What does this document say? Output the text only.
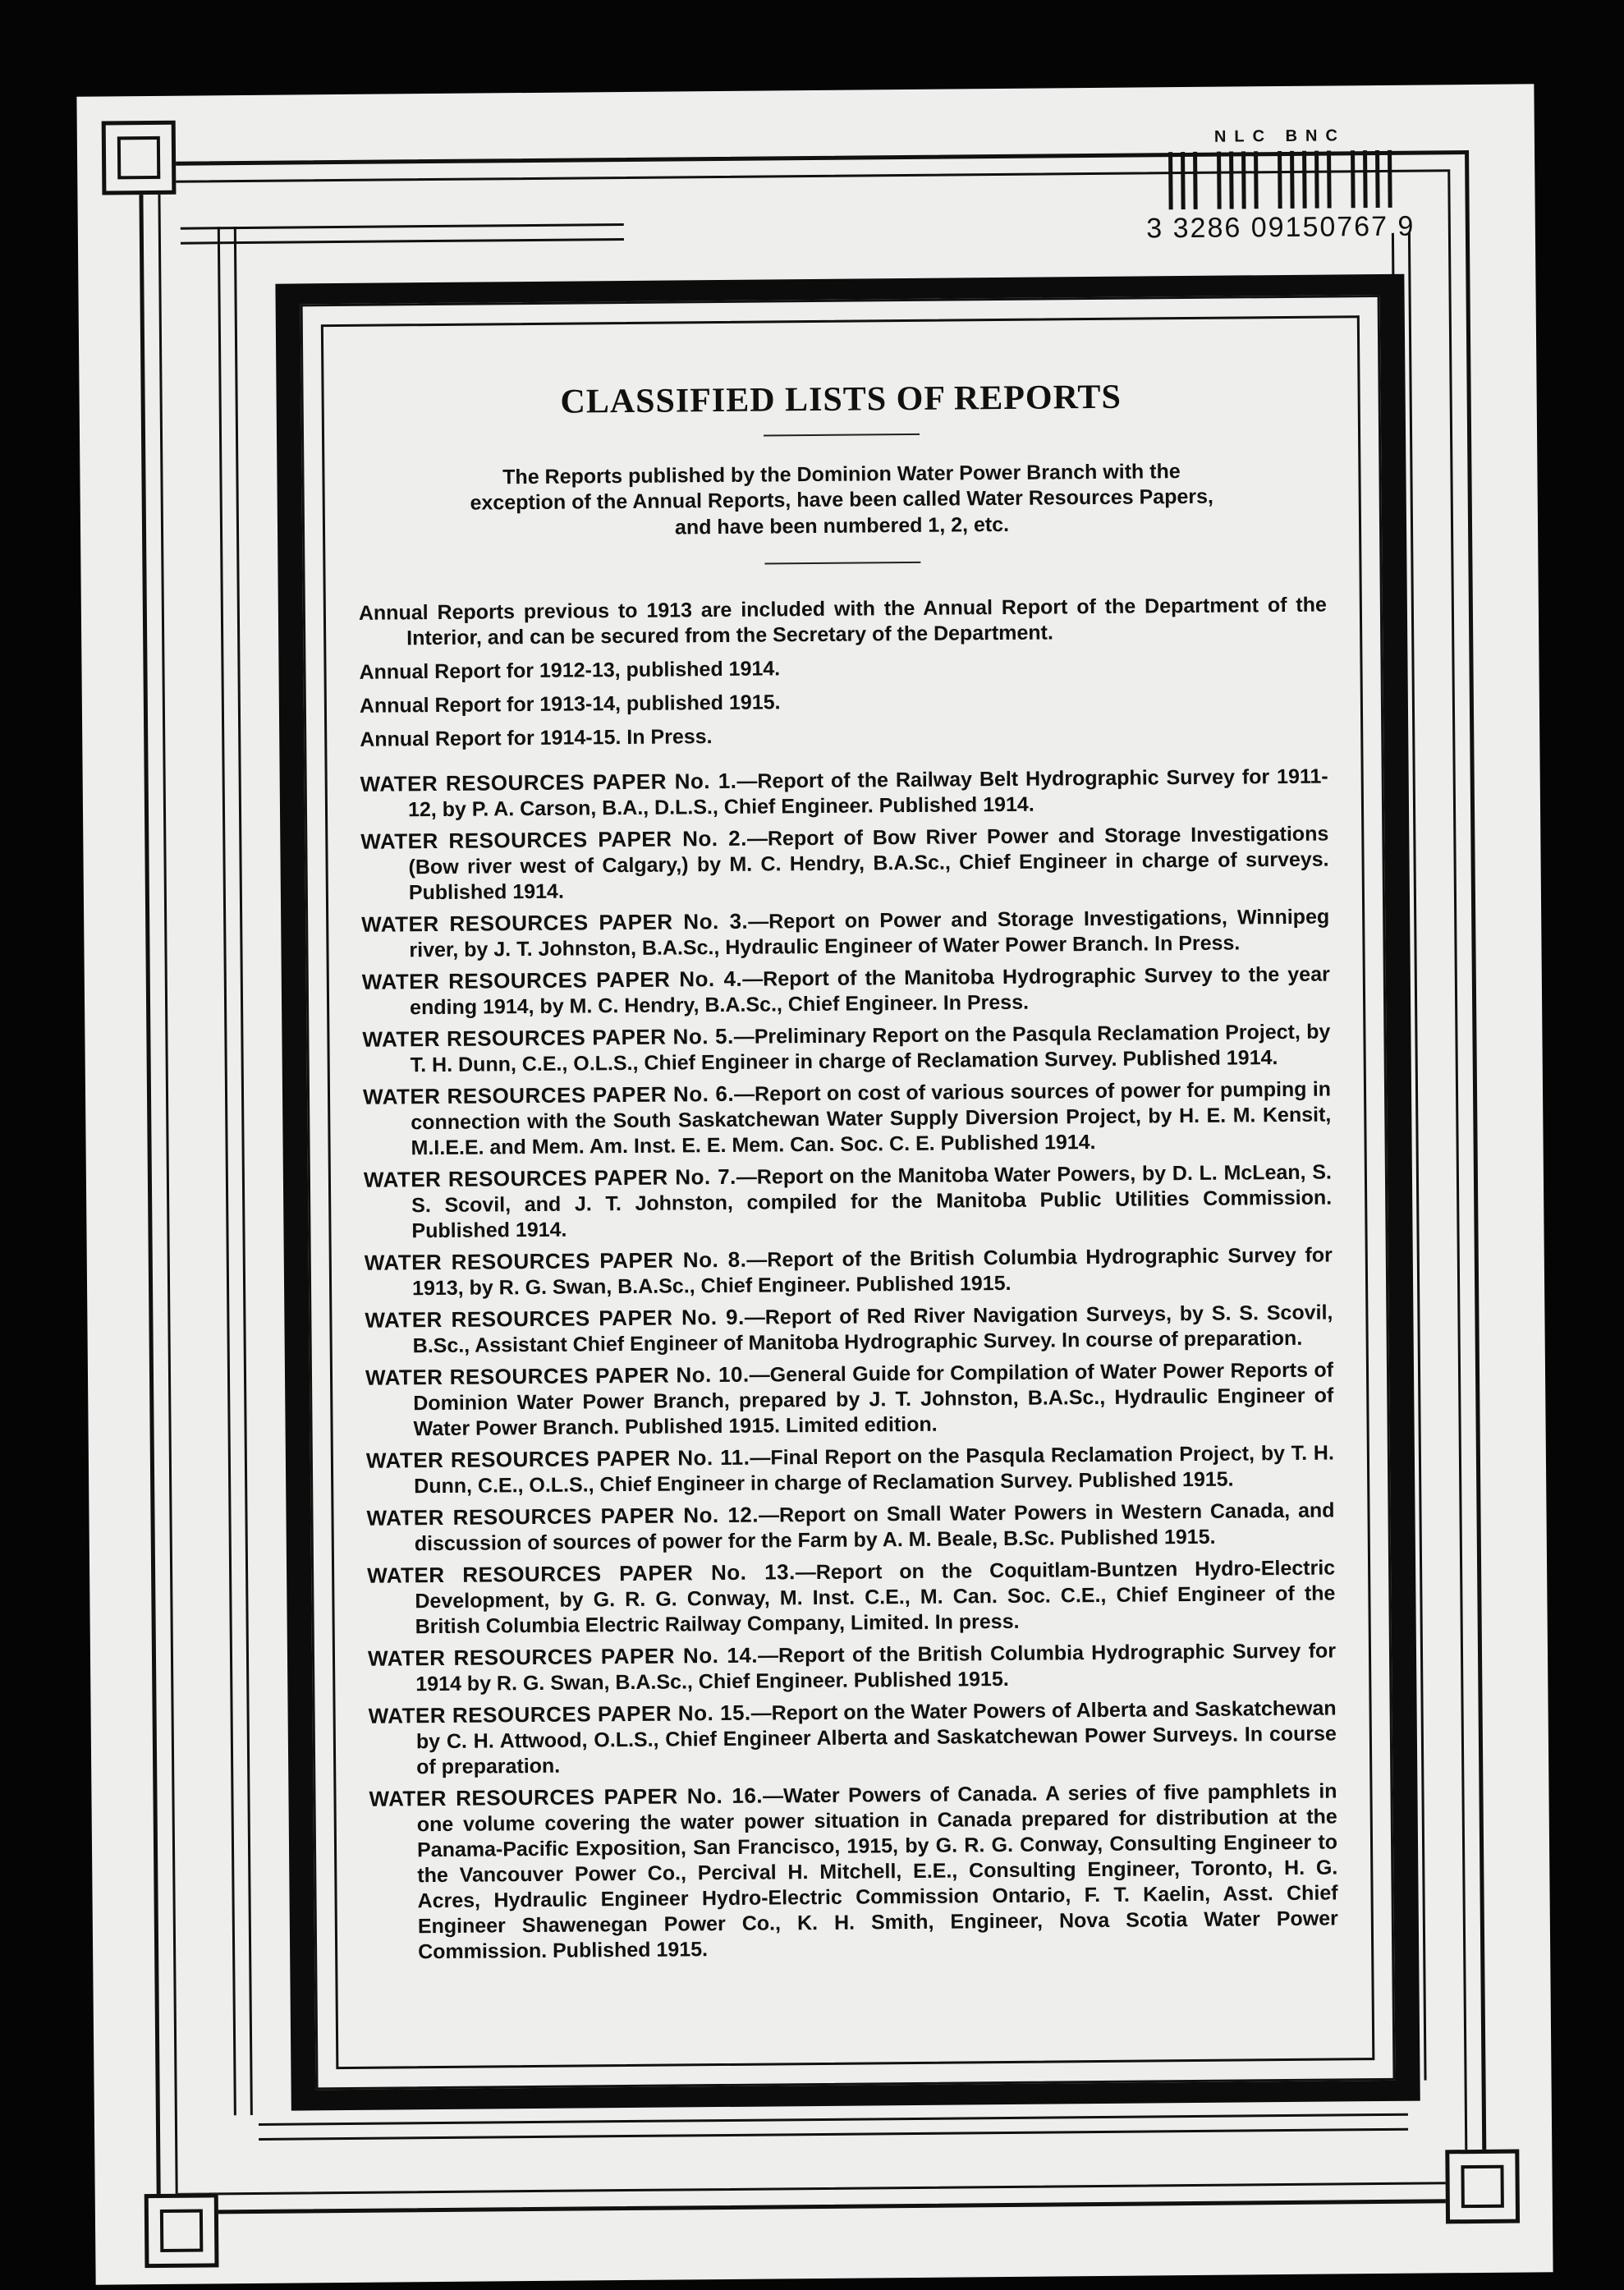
NLC BNC
3 3286 09150767 9
CLASSIFIED LISTS OF REPORTS
The Reports published by the Dominion Water Power Branch with the exception of the Annual Reports, have been called Water Resources Papers, and have been numbered 1, 2, etc.
Annual Reports previous to 1913 are included with the Annual Report of the Department of the Interior, and can be secured from the Secretary of the Department.
Annual Report for 1912-13, published 1914.
Annual Report for 1913-14, published 1915.
Annual Report for 1914-15. In Press.
WATER RESOURCES PAPER No. 1.—Report of the Railway Belt Hydrographic Survey for 1911-12, by P. A. Carson, B.A., D.L.S., Chief Engineer. Published 1914.
WATER RESOURCES PAPER No. 2.—Report of Bow River Power and Storage Investigations (Bow river west of Calgary,) by M. C. Hendry, B.A.Sc., Chief Engineer in charge of surveys. Published 1914.
WATER RESOURCES PAPER No. 3.—Report on Power and Storage Investigations, Winnipeg river, by J. T. Johnston, B.A.Sc., Hydraulic Engineer of Water Power Branch. In Press.
WATER RESOURCES PAPER No. 4.—Report of the Manitoba Hydrographic Survey to the year ending 1914, by M. C. Hendry, B.A.Sc., Chief Engineer. In Press.
WATER RESOURCES PAPER No. 5.—Preliminary Report on the Pasqula Reclamation Project, by T. H. Dunn, C.E., O.L.S., Chief Engineer in charge of Reclamation Survey. Published 1914.
WATER RESOURCES PAPER No. 6.—Report on cost of various sources of power for pumping in connection with the South Saskatchewan Water Supply Diversion Project, by H. E. M. Kensit, M.I.E.E. and Mem. Am. Inst. E. E. Mem. Can. Soc. C. E. Published 1914.
WATER RESOURCES PAPER No. 7.—Report on the Manitoba Water Powers, by D. L. McLean, S. S. Scovil, and J. T. Johnston, compiled for the Manitoba Public Utilities Commission. Published 1914.
WATER RESOURCES PAPER No. 8.—Report of the British Columbia Hydrographic Survey for 1913, by R. G. Swan, B.A.Sc., Chief Engineer. Published 1915.
WATER RESOURCES PAPER No. 9.—Report of Red River Navigation Surveys, by S. S. Scovil, B.Sc., Assistant Chief Engineer of Manitoba Hydrographic Survey. In course of preparation.
WATER RESOURCES PAPER No. 10.—General Guide for Compilation of Water Power Reports of Dominion Water Power Branch, prepared by J. T. Johnston, B.A.Sc., Hydraulic Engineer of Water Power Branch. Published 1915. Limited edition.
WATER RESOURCES PAPER No. 11.—Final Report on the Pasqula Reclamation Project, by T. H. Dunn, C.E., O.L.S., Chief Engineer in charge of Reclamation Survey. Published 1915.
WATER RESOURCES PAPER No. 12.—Report on Small Water Powers in Western Canada, and discussion of sources of power for the Farm by A. M. Beale, B.Sc. Published 1915.
WATER RESOURCES PAPER No. 13.—Report on the Coquitlam-Buntzen Hydro-Electric Development, by G. R. G. Conway, M. Inst. C.E., M. Can. Soc. C.E., Chief Engineer of the British Columbia Electric Railway Company, Limited. In press.
WATER RESOURCES PAPER No. 14.—Report of the British Columbia Hydrographic Survey for 1914 by R. G. Swan, B.A.Sc., Chief Engineer. Published 1915.
WATER RESOURCES PAPER No. 15.—Report on the Water Powers of Alberta and Saskatchewan by C. H. Attwood, O.L.S., Chief Engineer Alberta and Saskatchewan Power Surveys. In course of preparation.
WATER RESOURCES PAPER No. 16.—Water Powers of Canada. A series of five pamphlets in one volume covering the water power situation in Canada prepared for distribution at the Panama-Pacific Exposition, San Francisco, 1915, by G. R. G. Conway, Consulting Engineer to the Vancouver Power Co., Percival H. Mitchell, E.E., Consulting Engineer, Toronto, H. G. Acres, Hydraulic Engineer Hydro-Electric Commission Ontario, F. T. Kaelin, Asst. Chief Engineer Shawenegan Power Co., K. H. Smith, Engineer, Nova Scotia Water Power Commission. Published 1915.
